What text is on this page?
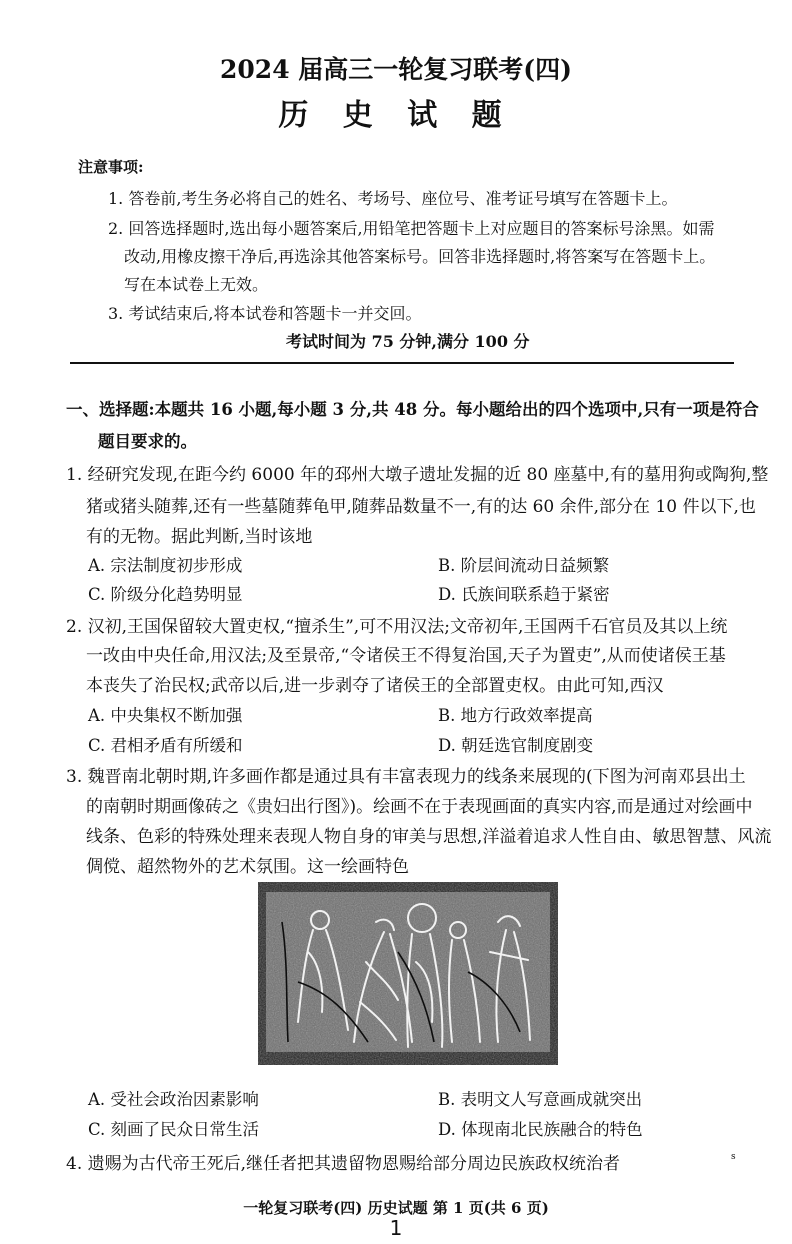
2024 届高三一轮复习联考(四)
历 史 试 题
注意事项:
1. 答卷前,考生务必将自己的姓名、考场号、座位号、准考证号填写在答题卡上。
2. 回答选择题时,选出每小题答案后,用铅笔把答题卡上对应题目的答案标号涂黑。如需
改动,用橡皮擦干净后,再选涂其他答案标号。回答非选择题时,将答案写在答题卡上。
写在本试卷上无效。
3. 考试结束后,将本试卷和答题卡一并交回。
考试时间为 75 分钟,满分 100 分
一、选择题:本题共 16 小题,每小题 3 分,共 48 分。每小题给出的四个选项中,只有一项是符合
题目要求的。
1. 经研究发现,在距今约 6000 年的邳州大墩子遗址发掘的近 80 座墓中,有的墓用狗或陶狗,整
猪或猪头随葬,还有一些墓随葬龟甲,随葬品数量不一,有的达 60 余件,部分在 10 件以下,也
有的无物。据此判断,当时该地
A. 宗法制度初步形成	B. 阶层间流动日益频繁
C. 阶级分化趋势明显	D. 氏族间联系趋于紧密
2. 汉初,王国保留较大置吏权,“擅杀生”,可不用汉法;文帝初年,王国两千石官员及其以上统
一改由中央任命,用汉法;及至景帝,“令诸侯王不得复治国,天子为置吏”,从而使诸侯王基
本丧失了治民权;武帝以后,进一步剥夺了诸侯王的全部置吏权。由此可知,西汉
A. 中央集权不断加强	B. 地方行政效率提高
C. 君相矛盾有所缓和	D. 朝廷选官制度剧变
3. 魏晋南北朝时期,许多画作都是通过具有丰富表现力的线条来展现的(下图为河南邓县出土
的南朝时期画像砖之《贵妇出行图》)。绘画不在于表现画面的真实内容,而是通过对绘画中
线条、色彩的特殊处理来表现人物自身的审美与思想,洋溢着追求人性自由、敏思智慧、风流
倜傥、超然物外的艺术氛围。这一绘画特色
A. 受社会政治因素影响	B. 表明文人写意画成就突出
C. 刻画了民众日常生活	D. 体现南北民族融合的特色
4. 遗赐为古代帝王死后,继任者把其遗留物恩赐给部分周边民族政权统治者	s
一轮复习联考(四) 历史试题 第 1 页(共 6 页)
1
